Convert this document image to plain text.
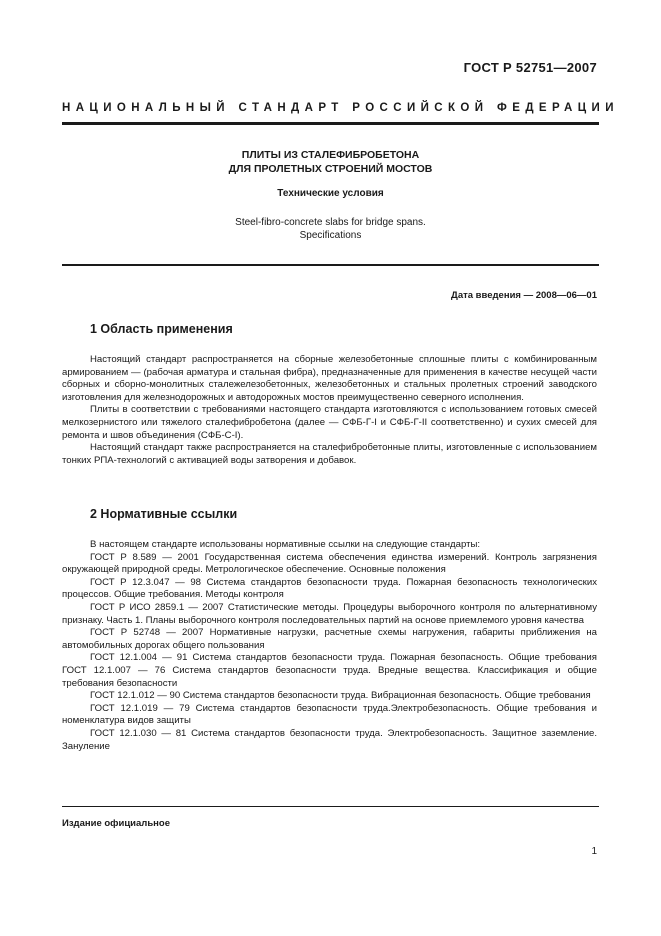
ГОСТ Р 52751—2007
НАЦИОНАЛЬНЫЙ СТАНДАРТ РОССИЙСКОЙ ФЕДЕРАЦИИ
ПЛИТЫ ИЗ СТАЛЕФИБРОБЕТОНА
ДЛЯ ПРОЛЕТНЫХ СТРОЕНИЙ МОСТОВ
Технические условия
Steel-fibro-concrete slabs for bridge spans.
Specifications
Дата введения — 2008—06—01
1 Область применения

Настоящий стандарт распространяется на сборные железобетонные сплошные плиты с комбинированным армированием — (рабочая арматура и стальная фибра), предназначенные для применения в качестве несущей части сборных и сборно-монолитных сталежелезобетонных, железобетонных и стальных пролетных строений заводского изготовления для железнодорожных и автодорожных мостов преимущественно северного исполнения.

Плиты в соответствии с требованиями настоящего стандарта изготовляются с использованием готовых смесей мелкозернистого или тяжелого сталефибробетона (далее — СФБ-Г-I и СФБ-Г-II соответственно) и сухих смесей для ремонта и швов объединения (СФБ-С-I).

Настоящий стандарт также распространяется на сталефибробетонные плиты, изготовленные с использованием тонких РПА-технологий с активацией воды затворения и добавок.

2 Нормативные ссылки

В настоящем стандарте использованы нормативные ссылки на следующие стандарты:

ГОСТ Р 8.589 — 2001 Государственная система обеспечения единства измерений. Контроль загрязнения окружающей природной среды. Метрологическое обеспечение. Основные положения

ГОСТ Р 12.3.047 — 98 Система стандартов безопасности труда. Пожарная безопасность технологических процессов. Общие требования. Методы контроля

ГОСТ Р ИСО 2859.1 — 2007 Статистические методы. Процедуры выборочного контроля по альтернативному признаку. Часть 1. Планы выборочного контроля последовательных партий на основе приемлемого уровня качества

ГОСТ Р 52748 — 2007 Нормативные нагрузки, расчетные схемы нагружения, габариты приближения на автомобильных дорогах общего пользования

ГОСТ 12.1.004 — 91 Система стандартов безопасности труда. Пожарная безопасность. Общие требования ГОСТ 12.1.007 — 76 Система стандартов безопасности труда. Вредные вещества. Классификация и общие требования безопасности

ГОСТ 12.1.012 — 90 Система стандартов безопасности труда. Вибрационная безопасность. Общие требования

ГОСТ 12.1.019 — 79 Система стандартов безопасности труда.Электробезопасность. Общие требования и номенклатура видов защиты

ГОСТ 12.1.030 — 81 Система стандартов безопасности труда. Электробезопасность. Защитное заземление. Зануление

Издание официальное
1
